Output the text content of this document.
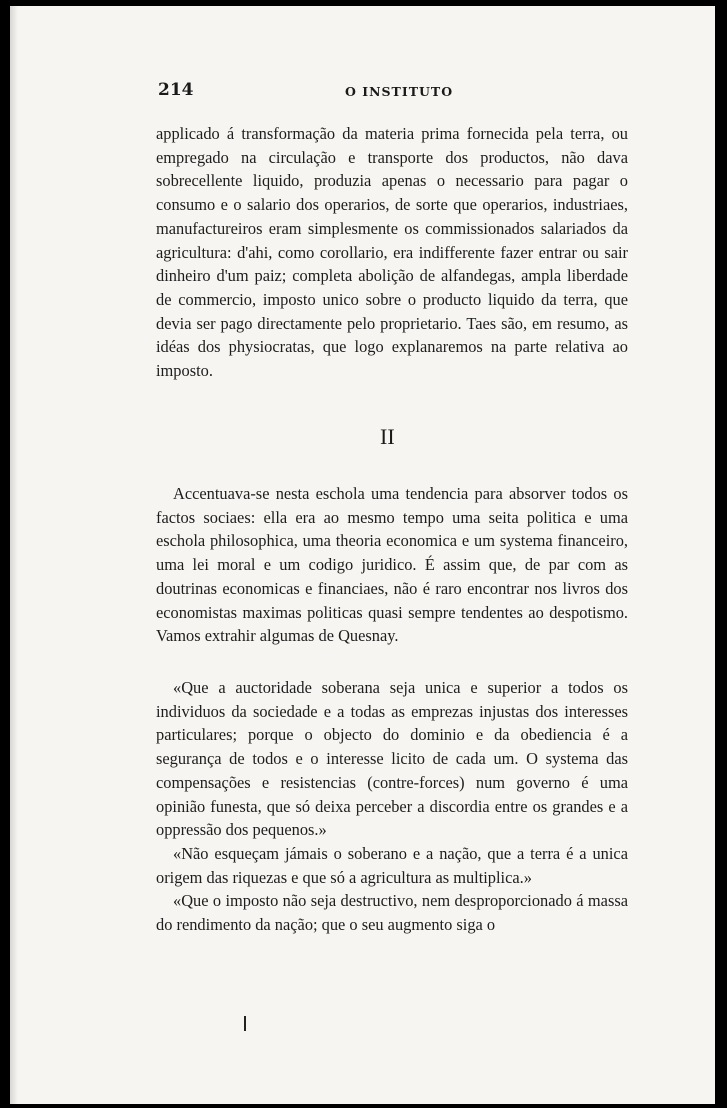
214	O INSTITUTO

applicado á transformação da materia prima fornecida pela terra, ou empregado na circulação e transporte dos productos, não dava sobrecellente liquido, produzia apenas o necessario para pagar o consumo e o salario dos operarios, de sorte que operarios, industriaes, manufactureiros eram simplesmente os commissionados salariados da agricultura: d'ahi, como corollario, era indifferente fazer entrar ou sair dinheiro d'um paiz; completa abolição de alfandegas, ampla liberdade de commercio, imposto unico sobre o producto liquido da terra, que devia ser pago directamente pelo proprietario. Taes são, em resumo, as idéas dos physiocratas, que logo explanaremos na parte relativa ao imposto.

II

Accentuava-se nesta eschola uma tendencia para absorver todos os factos sociaes: ella era ao mesmo tempo uma seita politica e uma eschola philosophica, uma theoria economica e um systema financeiro, uma lei moral e um codigo juridico. É assim que, de par com as doutrinas economicas e financiaes, não é raro encontrar nos livros dos economistas maximas politicas quasi sempre tendentes ao despotismo. Vamos extrahir algumas de Quesnay.

«Que a auctoridade soberana seja unica e superior a todos os individuos da sociedade e a todas as emprezas injustas dos interesses particulares; porque o objecto do dominio e da obediencia é a segurança de todos e o interesse licito de cada um. O systema das compensações e resistencias (contre-forces) num governo é uma opinião funesta, que só deixa perceber a discordia entre os grandes e a oppressão dos pequenos.»

«Não esqueçam jámais o soberano e a nação, que a terra é a unica origem das riquezas e que só a agricultura as multiplica.»

«Que o imposto não seja destructivo, nem desproporcionado á massa do rendimento da nação; que o seu augmento siga o
